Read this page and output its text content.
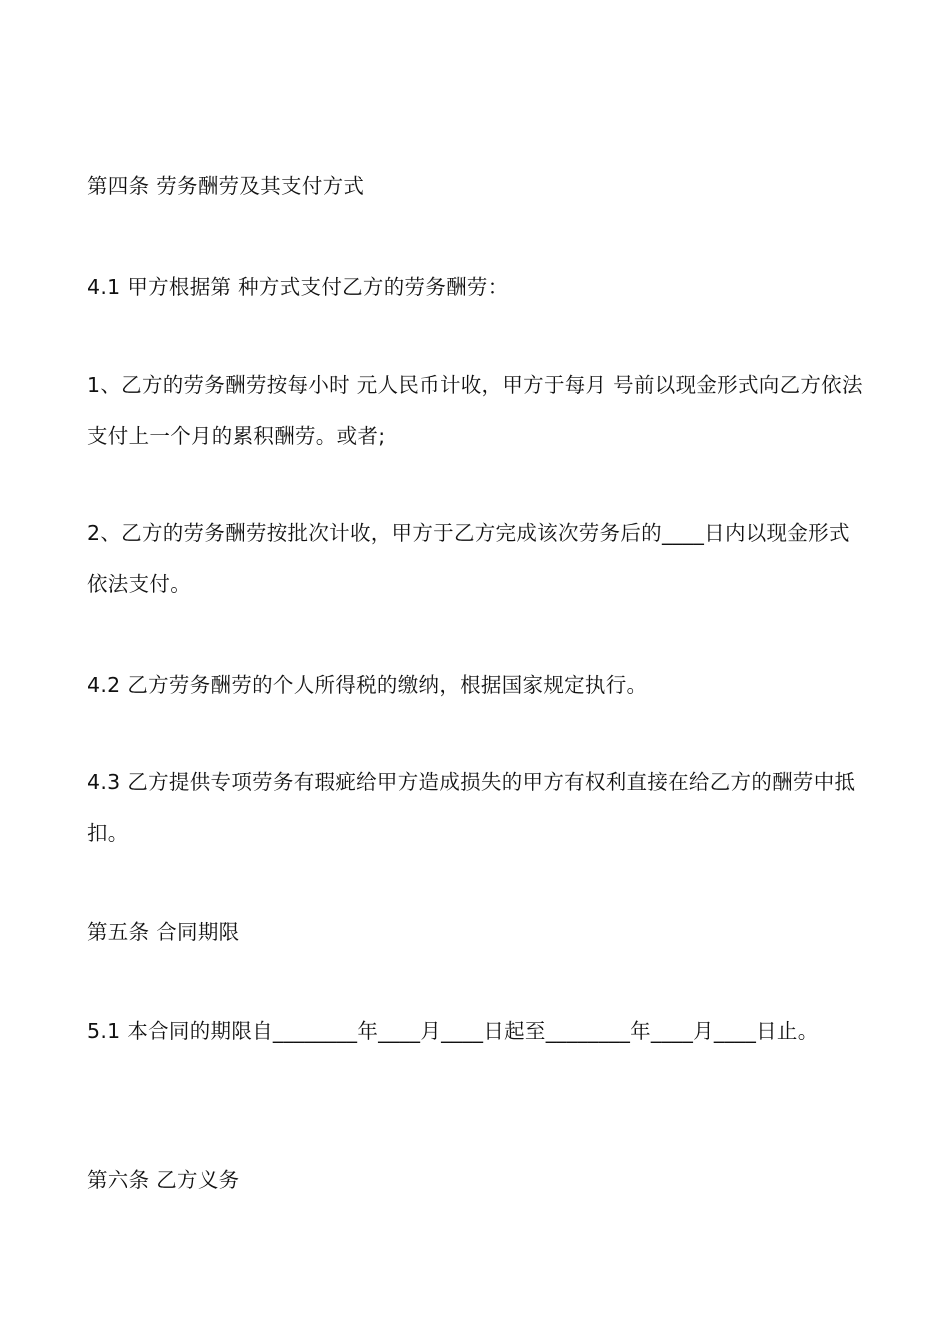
第四条 劳务酬劳及其支付方式

4.1 甲方根据第 种方式支付乙方的劳务酬劳：

1、乙方的劳务酬劳按每小时 元人民币计收，甲方于每月 号前以现金形式向乙方依法支付上一个月的累积酬劳。或者;

2、乙方的劳务酬劳按批次计收，甲方于乙方完成该次劳务后的____日内以现金形式依法支付。

4.2 乙方劳务酬劳的个人所得税的缴纳，根据国家规定执行。

4.3 乙方提供专项劳务有瑕疵给甲方造成损失的甲方有权利直接在给乙方的酬劳中抵扣。

第五条 合同期限

5.1 本合同的期限自________年____月____日起至________年____月____日止。

第六条 乙方义务
